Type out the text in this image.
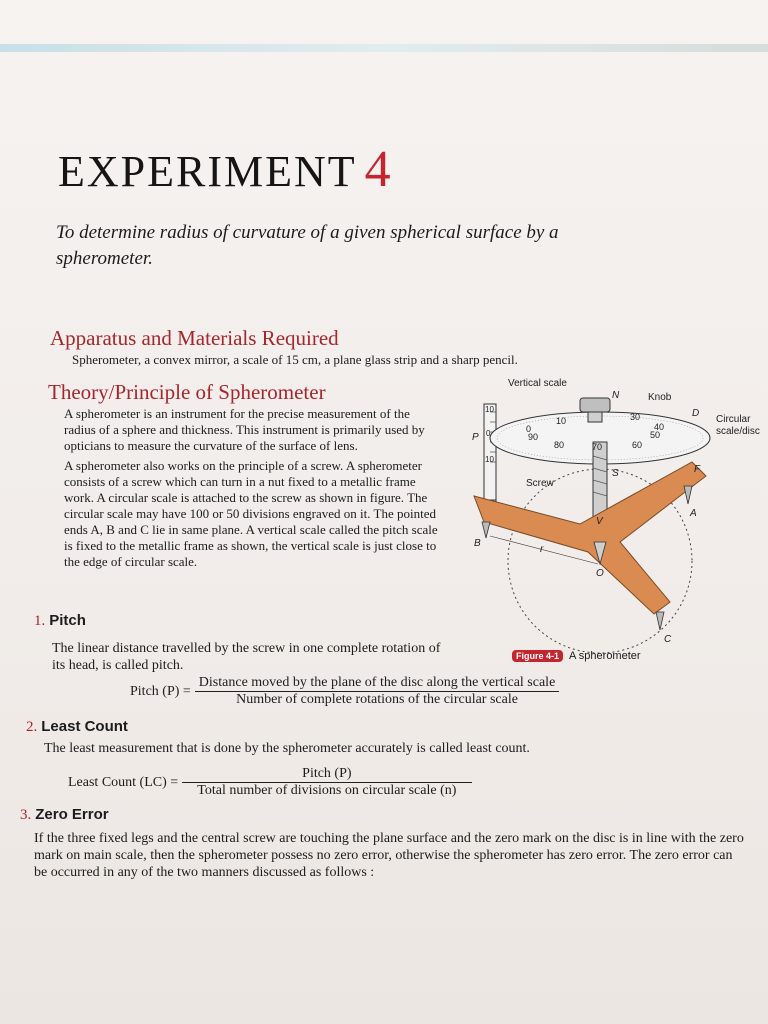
EXPERIMENT 4
To determine radius of curvature of a given spherical surface by a spherometer.
Apparatus and Materials Required
Spherometer, a convex mirror, a scale of 15 cm, a plane glass strip and a sharp pencil.
Theory/Principle of Spherometer

A spherometer is an instrument for the precise measurement of the radius of a sphere and thickness. This instrument is primarily used by opticians to measure the curvature of the surface of lens.

A spherometer also works on the principle of a screw. A spherometer consists of a screw which can turn in a nut fixed to a metallic frame work. A circular scale is attached to the screw as shown in figure. The circular scale may have 100 or 50 divisions engraved on it. The pointed ends A, B and C lie in same plane. A vertical scale called the pitch scale is fixed to the metallic frame as shown, the vertical scale is just close to the edge of circular scale.

Vertical scale
N	Knob
D
Circular
scale/disc
P
F
S
Screw
V
A
B
r
O
C
10
0
90
80	70	60
50
40
30
10
0
10
Figure 4-1 A spherometer
1. Pitch
The linear distance travelled by the screw in one complete rotation of its head, is called pitch.
Pitch (P) =
Distance moved by the plane of the disc along the vertical scale
Number of complete rotations of the circular scale
2. Least Count
The least measurement that is done by the spherometer accurately is called least count.
Least Count $(LC) = \frac{\text{Pitch (P)}}{\text{Total number of divisions on circular scale (n)}}$
3. Zero Error
If the three fixed legs and the central screw are touching the plane surface and the zero mark on the disc is in line with the zero mark on main scale, then the spherometer possess no zero error, otherwise the spherometer has zero error. The zero error can be occurred in any of the two manners discussed as follows :
